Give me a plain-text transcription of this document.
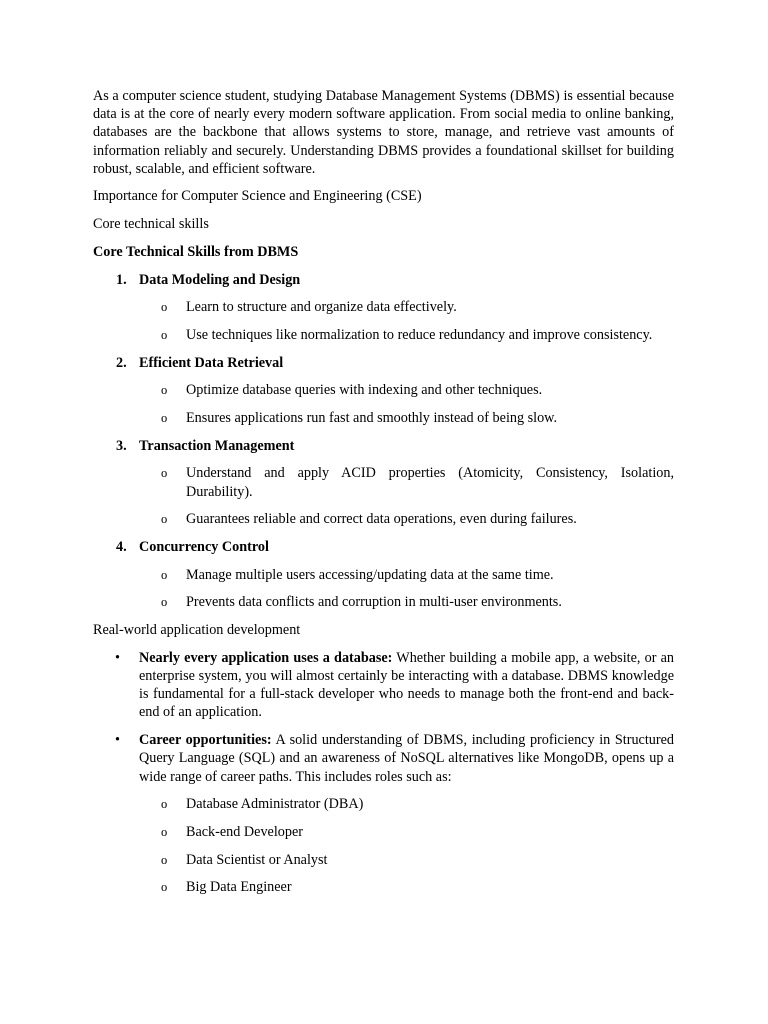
As a computer science student, studying Database Management Systems (DBMS) is essential because data is at the core of nearly every modern software application. From social media to online banking, databases are the backbone that allows systems to store, manage, and retrieve vast amounts of information reliably and securely. Understanding DBMS provides a foundational skillset for building robust, scalable, and efficient software.

Importance for Computer Science and Engineering (CSE)

Core technical skills

Core Technical Skills from DBMS

1. Data Modeling and Design
o Learn to structure and organize data effectively.
o Use techniques like normalization to reduce redundancy and improve consistency.
2. Efficient Data Retrieval
o Optimize database queries with indexing and other techniques.
o Ensures applications run fast and smoothly instead of being slow.
3. Transaction Management
o Understand and apply ACID properties (Atomicity, Consistency, Isolation, Durability).
o Guarantees reliable and correct data operations, even during failures.
4. Concurrency Control
o Manage multiple users accessing/updating data at the same time.
o Prevents data conflicts and corruption in multi-user environments.

Real-world application development

• Nearly every application uses a database: Whether building a mobile app, a website, or an enterprise system, you will almost certainly be interacting with a database. DBMS knowledge is fundamental for a full-stack developer who needs to manage both the front-end and back-end of an application.
• Career opportunities: A solid understanding of DBMS, including proficiency in Structured Query Language (SQL) and an awareness of NoSQL alternatives like MongoDB, opens up a wide range of career paths. This includes roles such as:
o Database Administrator (DBA)
o Back-end Developer
o Data Scientist or Analyst
o Big Data Engineer
